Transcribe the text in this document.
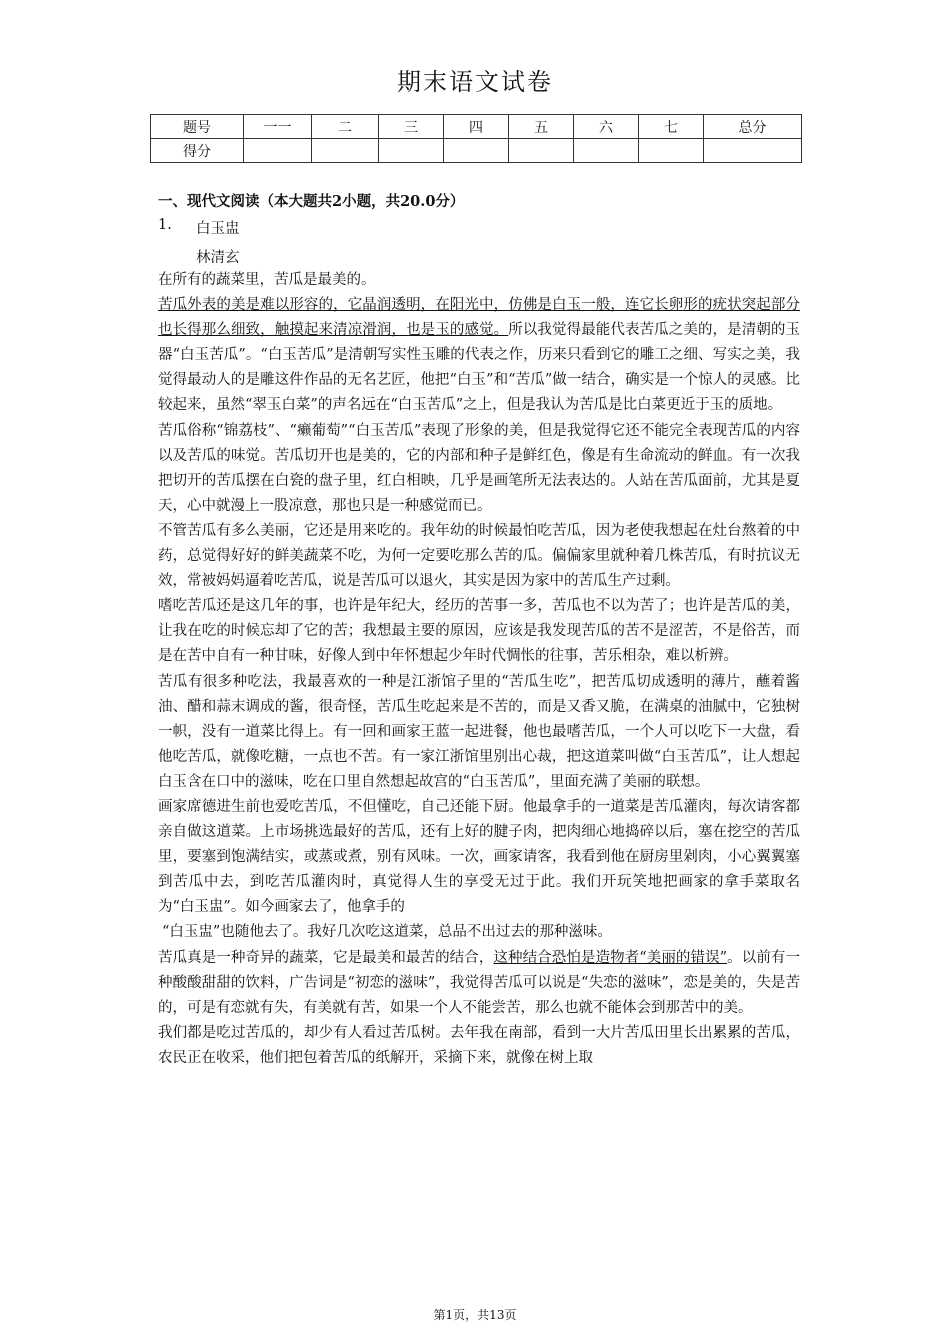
期末语文试卷
题号	一一	二	三	四	五	六	七	总分
得分								
一、现代文阅读（本大题共2小题，共20.0分）
1. 白玉盅
林清玄

在所有的蔬菜里，苦瓜是最美的。

苦瓜外表的美是难以形容的，它晶润透明，在阳光中，仿佛是白玉一般，连它长卵形的疣状突起部分也长得那么细致，触摸起来清凉滑润，也是玉的感觉。所以我觉得最能代表苦瓜之美的，是清朝的玉器“白玉苦瓜”。“白玉苦瓜”是清朝写实性玉雕的代表之作，历来只看到它的雕工之细、写实之美，我觉得最动人的是雕这件作品的无名艺匠，他把“白玉”和“苦瓜”做一结合，确实是一个惊人的灵感。比较起来，虽然“翠玉白菜”的声名远在“白玉苦瓜”之上，但是我认为苦瓜是比白菜更近于玉的质地。

苦瓜俗称“锦荔枝”、“癞葡萄”“白玉苦瓜”表现了形象的美，但是我觉得它还不能完全表现苦瓜的内容以及苦瓜的味觉。苦瓜切开也是美的，它的内部和种子是鲜红色，像是有生命流动的鲜血。有一次我把切开的苦瓜摆在白瓷的盘子里，红白相映，几乎是画笔所无法表达的。人站在苦瓜面前，尤其是夏天，心中就漫上一股凉意，那也只是一种感觉而已。

不管苦瓜有多么美丽，它还是用来吃的。我年幼的时候最怕吃苦瓜，因为老使我想起在灶台熬着的中药，总觉得好好的鲜美蔬菜不吃，为何一定要吃那么苦的瓜。偏偏家里就种着几株苦瓜，有时抗议无效，常被妈妈逼着吃苦瓜，说是苦瓜可以退火，其实是因为家中的苦瓜生产过剩。

嗜吃苦瓜还是这几年的事，也许是年纪大，经历的苦事一多，苦瓜也不以为苦了；也许是苦瓜的美，让我在吃的时候忘却了它的苦；我想最主要的原因，应该是我发现苦瓜的苦不是涩苦，不是俗苦，而是在苦中自有一种甘味，好像人到中年怀想起少年时代惆怅的往事，苦乐相杂，难以析辨。

苦瓜有很多种吃法，我最喜欢的一种是江浙馆子里的“苦瓜生吃”，把苦瓜切成透明的薄片，蘸着酱油、醋和蒜末调成的酱，很奇怪，苦瓜生吃起来是不苦的，而是又香又脆，在满桌的油腻中，它独树一帜，没有一道菜比得上。有一回和画家王蓝一起进餐，他也最嗜苦瓜，一个人可以吃下一大盘，看他吃苦瓜，就像吃糖，一点也不苦。有一家江浙馆里别出心裁，把这道菜叫做“白玉苦瓜”，让人想起白玉含在口中的滋味，吃在口里自然想起故宫的“白玉苦瓜”，里面充满了美丽的联想。

画家席德进生前也爱吃苦瓜，不但懂吃，自己还能下厨。他最拿手的一道菜是苦瓜灌肉，每次请客都亲自做这道菜。上市场挑选最好的苦瓜，还有上好的腱子肉，把肉细心地捣碎以后，塞在挖空的苦瓜里，要塞到饱满结实，或蒸或煮，别有风味。一次，画家请客，我看到他在厨房里剁肉，小心翼翼塞到苦瓜中去，到吃苦瓜灌肉时，真觉得人生的享受无过于此。我们开玩笑地把画家的拿手菜取名为“白玉盅”。如今画家去了，他拿手的

“白玉盅”也随他去了。我好几次吃这道菜，总品不出过去的那种滋味。

苦瓜真是一种奇异的蔬菜，它是最美和最苦的结合，这种结合恐怕是造物者“美丽的错误”。以前有一种酸酸甜甜的饮料，广告词是“初恋的滋味”，我觉得苦瓜可以说是“失恋的滋味”，恋是美的，失是苦的，可是有恋就有失，有美就有苦，如果一个人不能尝苦，那么也就不能体会到那苦中的美。

我们都是吃过苦瓜的，却少有人看过苦瓜树。去年我在南部，看到一大片苦瓜田里长出累累的苦瓜，农民正在收采，他们把包着苦瓜的纸解开，采摘下来，就像在树上取

第1页，共13页
